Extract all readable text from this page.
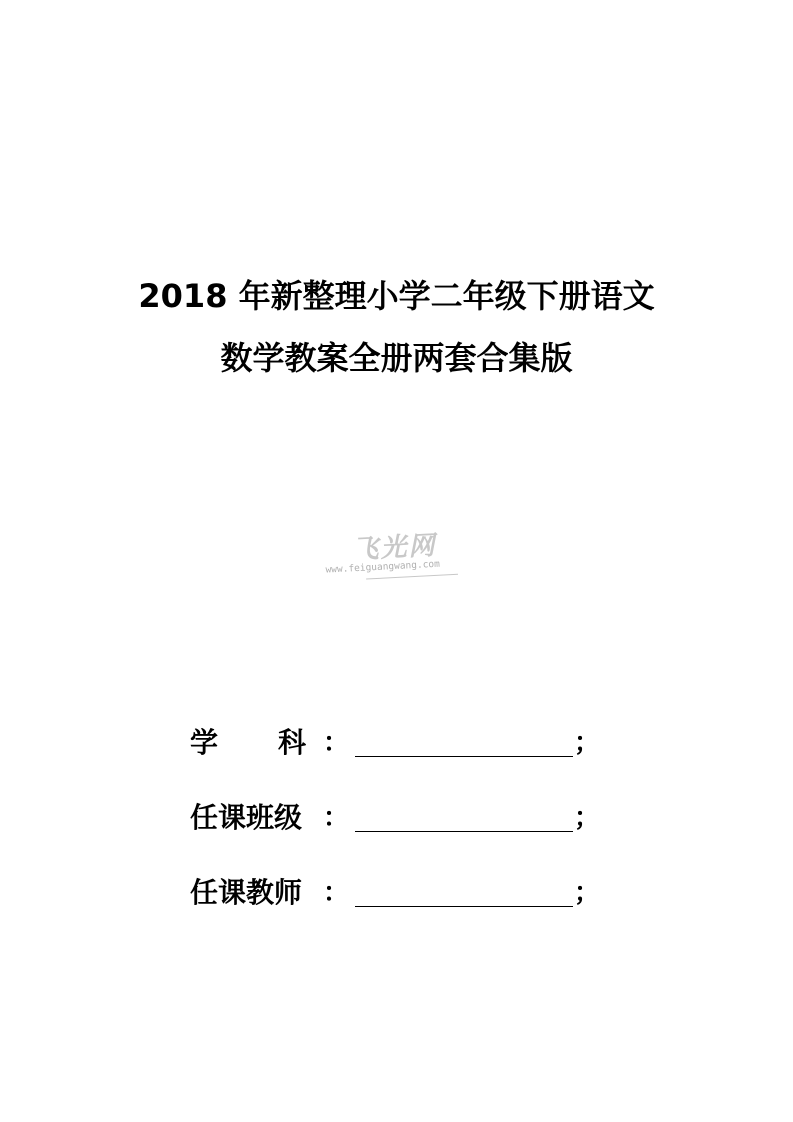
2018 年新整理小学二年级下册语文
数学教案全册两套合集版
飞光网
www.feiguangwang.com
学 科 ：	；
任课班级 ：	；
任课教师 ：	；
